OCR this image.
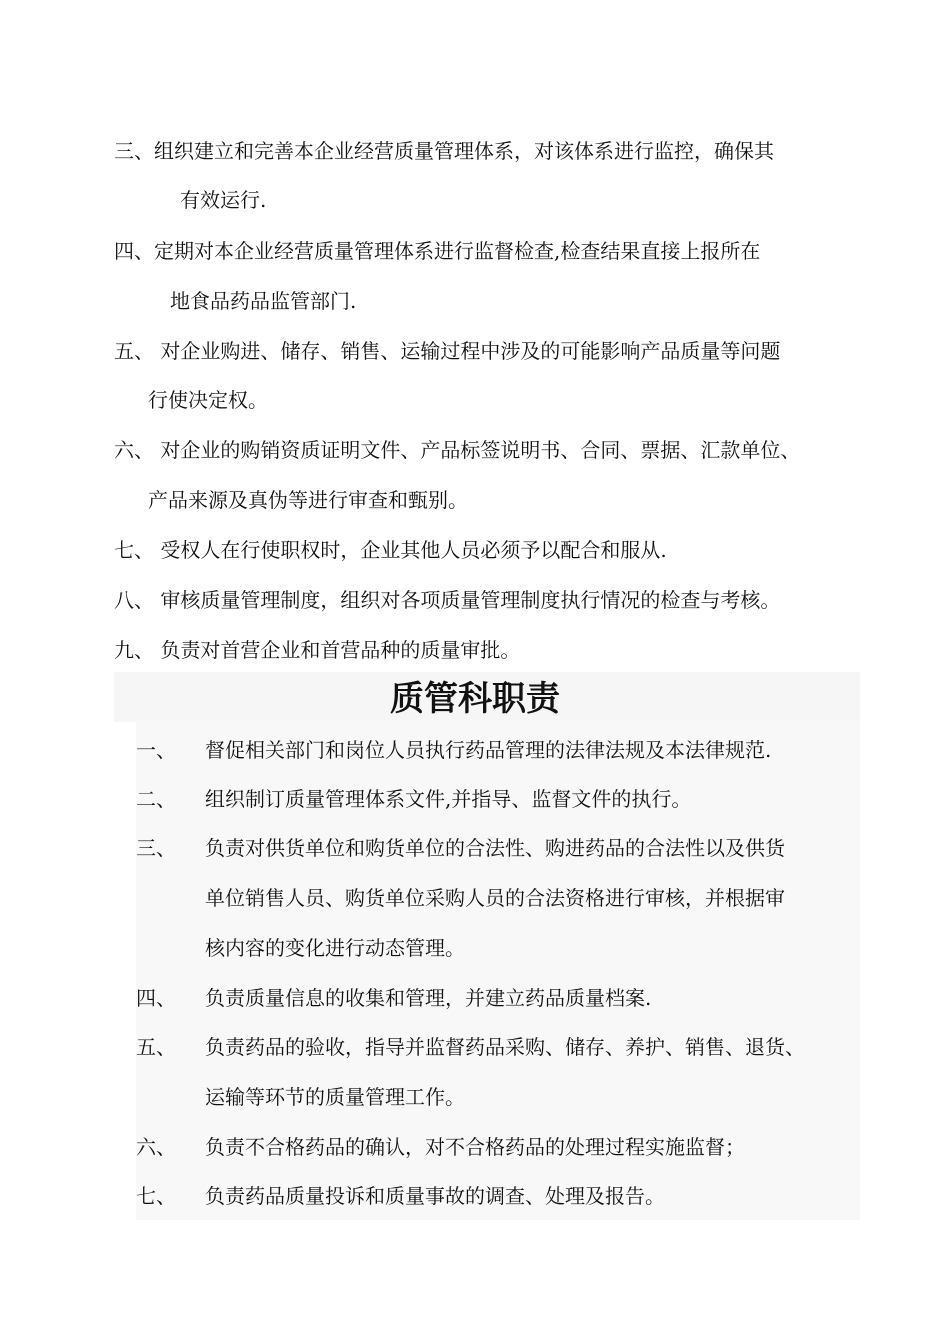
三、组织建立和完善本企业经营质量管理体系，对该体系进行监控，确保其

有效运行.

四、定期对本企业经营质量管理体系进行监督检查,检查结果直接上报所在

地食品药品监管部门.

五、 对企业购进、储存、销售、运输过程中涉及的可能影响产品质量等问题

行使决定权。

六、 对企业的购销资质证明文件、产品标签说明书、合同、票据、汇款单位、

产品来源及真伪等进行审查和甄别。

七、 受权人在行使职权时，企业其他人员必须予以配合和服从.

八、 审核质量管理制度，组织对各项质量管理制度执行情况的检查与考核。

九、 负责对首营企业和首营品种的质量审批。

质管科职责
一、 督促相关部门和岗位人员执行药品管理的法律法规及本法律规范.

二、 组织制订质量管理体系文件,并指导、监督文件的执行。

三、 负责对供货单位和购货单位的合法性、购进药品的合法性以及供货

单位销售人员、购货单位采购人员的合法资格进行审核，并根据审

核内容的变化进行动态管理。

四、 负责质量信息的收集和管理，并建立药品质量档案.

五、 负责药品的验收，指导并监督药品采购、储存、养护、销售、退货、

运输等环节的质量管理工作。

六、 负责不合格药品的确认，对不合格药品的处理过程实施监督；

七、 负责药品质量投诉和质量事故的调查、处理及报告。
